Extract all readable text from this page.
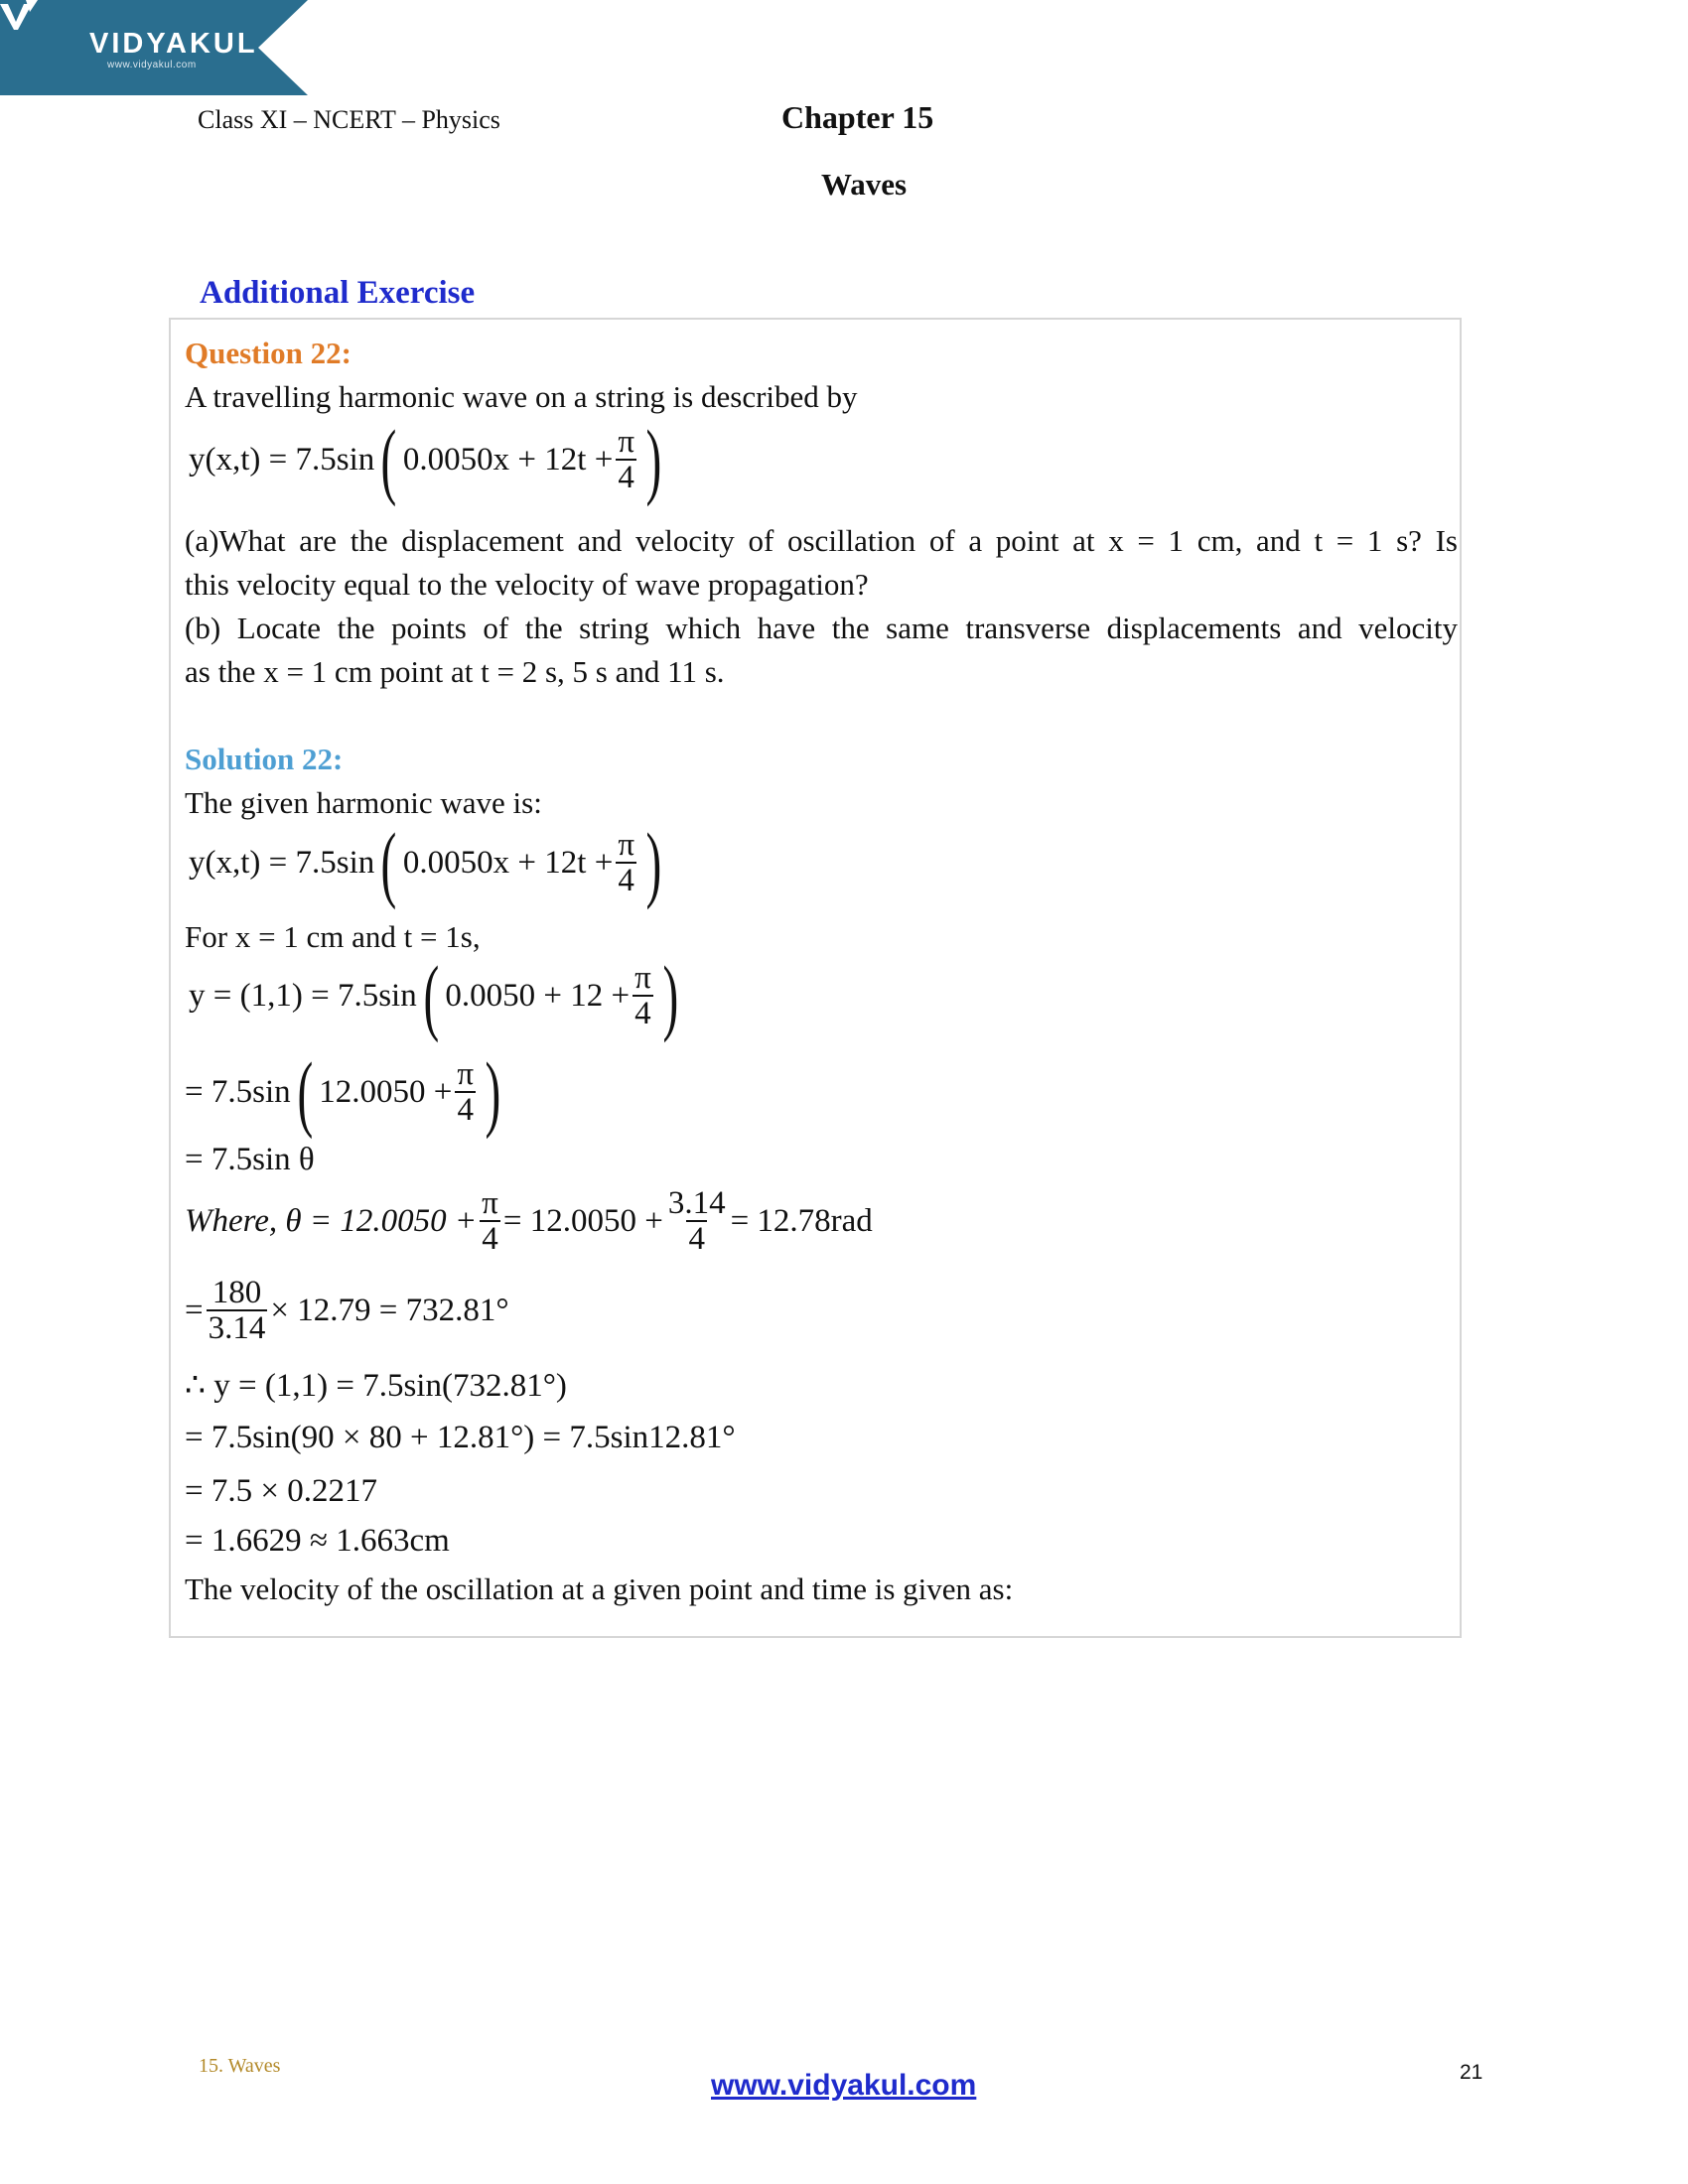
VIDYAKUL
www.vidyakul.com
Class XI – NCERT – Physics	Chapter 15
Waves
Additional Exercise
Question 22:
A travelling harmonic wave on a string is described by
y(x,t) = 7.5sin ( $0.0050x + 12t + \frac{\pi}{4}$ )
(a)What are the displacement and velocity of oscillation of a point at x = 1 cm, and t = 1 s? Is
this velocity equal to the velocity of wave propagation?
(b) Locate the points of the string which have the same transverse displacements and velocity
as the x = 1 cm point at t = 2 s, 5 s and 11 s.
Solution 22:
The given harmonic wave is:
y(x,t) = 7.5sin ( $0.0050x + 12t + \frac{\pi}{4}$ )
For x = 1 cm and t = 1s,
y = (1,1) = 7.5sin ( $0.0050 + 12 + \frac{\pi}{4}$ )
= 7.5sin ( $12.0050 + \frac{\pi}{4}$ )
= 7.5sin θ
Where, $\theta = 12.0050 + \frac{\pi}{4} = 12.0050 + \frac{3.14}{4} = 12.78rad$
= $\frac{180}{3.14} \times 12.79 = 732.81^\circ$
∴ y = (1,1) = 7.5sin(732.81°)
= 7.5sin(90 × 80 + 12.81°) = 7.5sin12.81°
= 7.5 × 0.2217
= 1.6629 ≈ 1.663cm
The velocity of the oscillation at a given point and time is given as:
15. Waves
www.vidyakul.com	21
